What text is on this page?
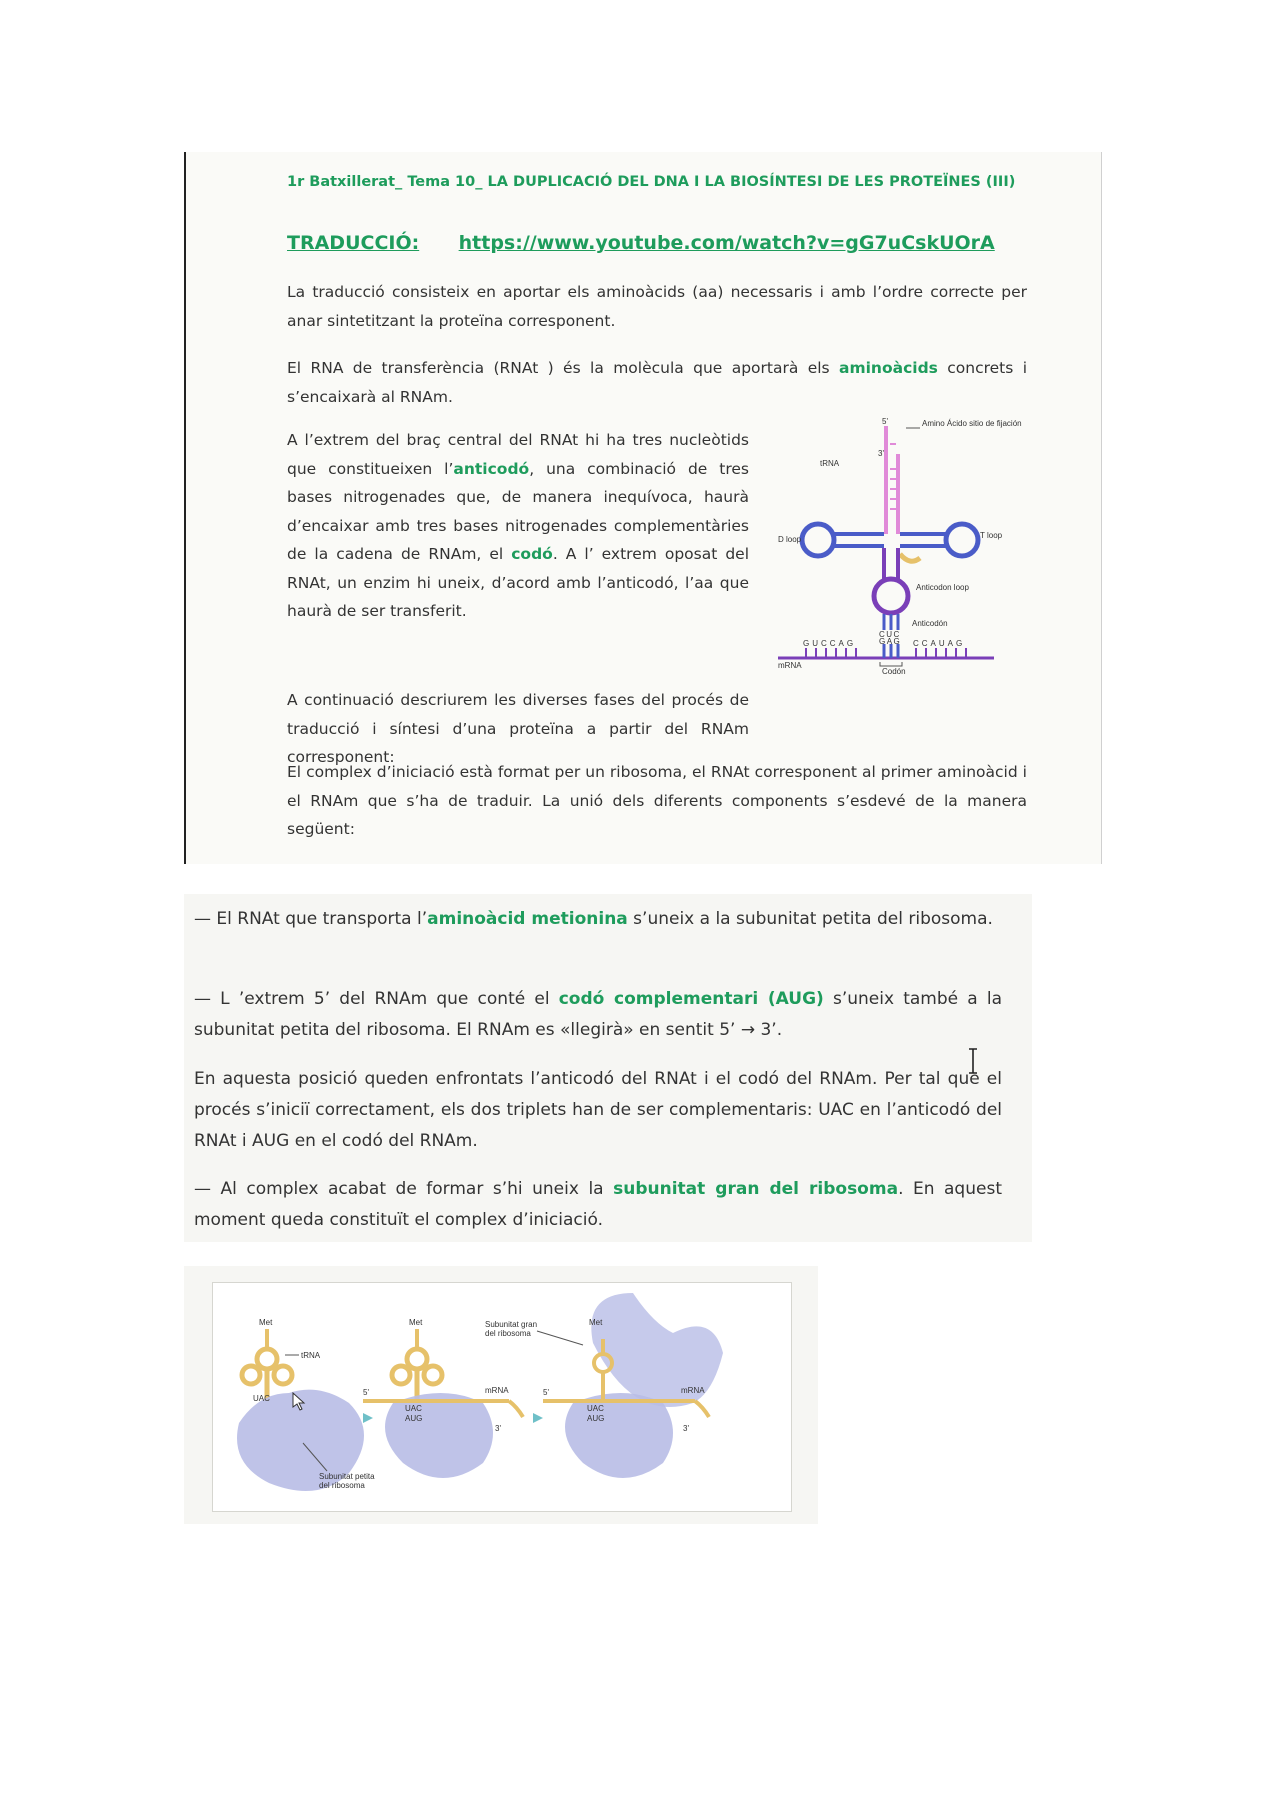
1r Batxillerat_ Tema 10_ LA DUPLICACIÓ DEL DNA I LA BIOSÍNTESI DE LES PROTEÏNES (III)
TRADUCCIÓ: https://www.youtube.com/watch?v=gG7uCskUOrA

La traducció consisteix en aportar els aminoàcids (aa) necessaris i amb l’ordre correcte per anar sintetitzant la proteïna corresponent.

El RNA de transferència (RNAt ) és la molècula que aportarà els aminoàcids concrets i s’encaixarà al RNAm.

A l’extrem del braç central del RNAt hi ha tres nucleòtids que constitueixen l’anticodó, una combinació de tres bases nitrogenades que, de manera inequívoca, haurà d’encaixar amb tres bases nitrogenades complementàries de la cadena de RNAm, el codó. A l’ extrem oposat del RNAt, un enzim hi uneix, d’acord amb l’anticodó, l’aa que haurà de ser transferit.

5'
3'
Amino Ácido sitio de fijación
tRNA
D loop	T loop
Anticodon loop
Anticodón
CUC
GAG
GUCCAG	CCAUAG
mRNA
Codón

A continuació descriurem les diverses fases del procés de traducció i síntesi d’una proteïna a partir del RNAm corresponent:

El complex d’iniciació està format per un ribosoma, el RNAt corresponent al primer aminoàcid i el RNAm que s’ha de traduir. La unió dels diferents components s’esdevé de la manera següent:

— El RNAt que transporta l’aminoàcid metionina s’uneix a la subunitat petita del ribosoma.

— L ’extrem 5’ del RNAm que conté el codó complementari (AUG) s’uneix també a la subunitat petita del ribosoma. El RNAm es «llegirà» en sentit 5’ → 3’.

En aquesta posició queden enfrontats l’anticodó del RNAt i el codó del RNAm. Per tal que el procés s’iniciï correctament, els dos triplets han de ser complementaris: UAC en l’anticodó del RNAt i AUG en el codó del RNAm.

— Al complex acabat de formar s’hi uneix la subunitat gran del ribosoma. En aquest moment queda constituït el complex d’iniciació.

Met
tRNA
UAC
Subunitat petita
del ribosoma
Met
5'
UAC
AUG
mRNA
3'
Met
5'
UAC
AUG
mRNA
3'
Subunitat gran
del ribosoma
